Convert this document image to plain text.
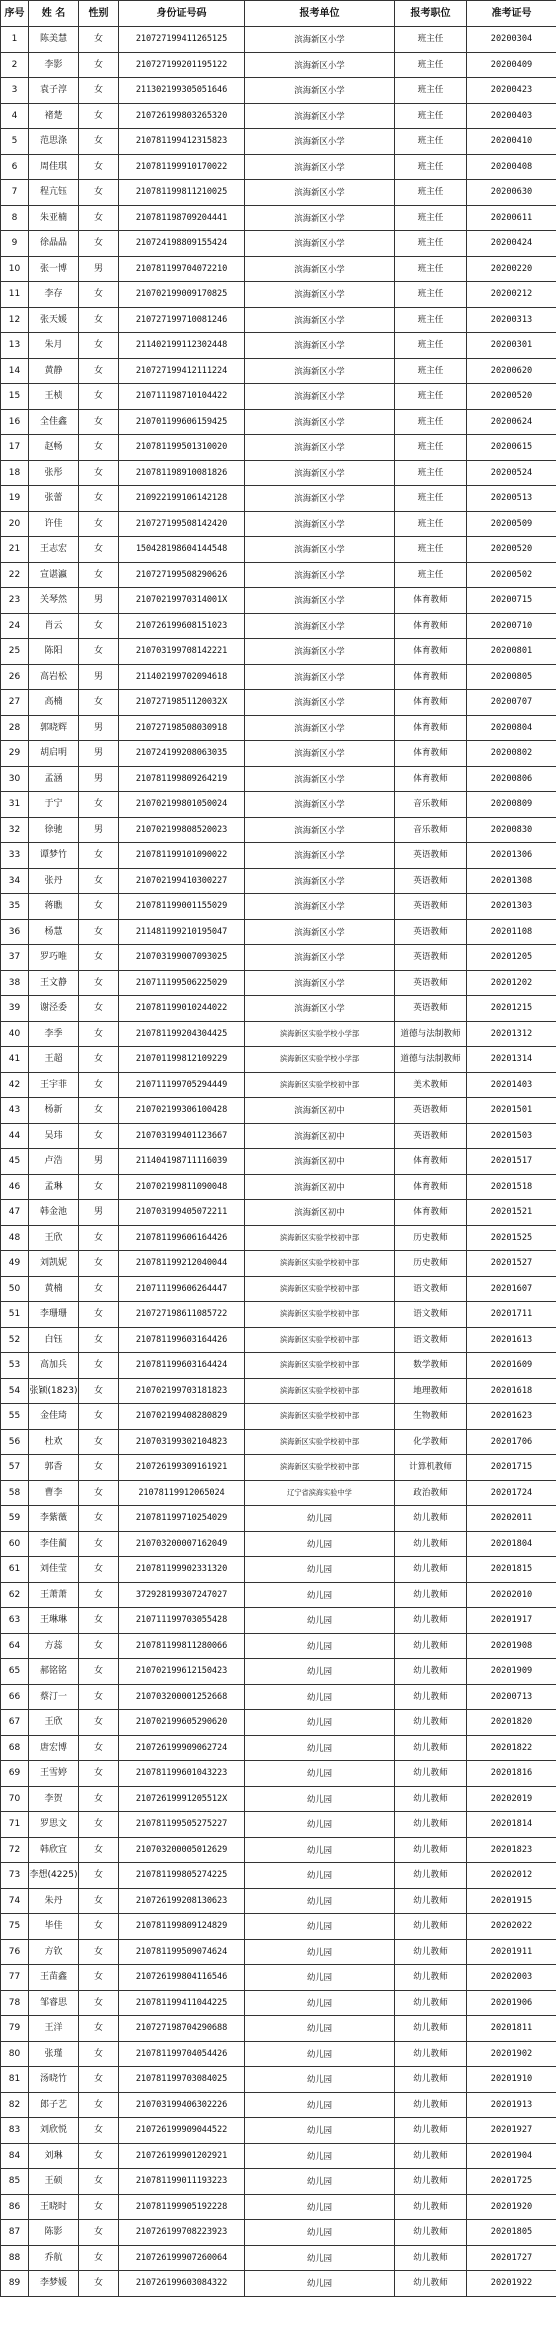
序号	姓 名	性别	身份证号码	报考单位	报考职位	准考证号
1	陈美慧	女	210727199411265125	滨海新区小学	班主任	20200304
2	李影	女	210727199201195122	滨海新区小学	班主任	20200409
3	袁子淳	女	211302199305051646	滨海新区小学	班主任	20200423
4	褚楚	女	210726199803265320	滨海新区小学	班主任	20200403
5	范思涤	女	210781199412315823	滨海新区小学	班主任	20200410
6	周佳琪	女	210781199910170022	滨海新区小学	班主任	20200408
7	程亢钰	女	210781199811210025	滨海新区小学	班主任	20200630
8	朱亚楠	女	210781198709204441	滨海新区小学	班主任	20200611
9	徐晶晶	女	210724198809155424	滨海新区小学	班主任	20200424
10	张一博	男	210781199704072210	滨海新区小学	班主任	20200220
11	李存	女	210702199009170825	滨海新区小学	班主任	20200212
12	张天媛	女	210727199710081246	滨海新区小学	班主任	20200313
13	朱月	女	211402199112302448	滨海新区小学	班主任	20200301
14	黄静	女	210727199412111224	滨海新区小学	班主任	20200620
15	王桢	女	210711198710104422	滨海新区小学	班主任	20200520
16	全佳鑫	女	210701199606159425	滨海新区小学	班主任	20200624
17	赵畅	女	210781199501310020	滨海新区小学	班主任	20200615
18	张彤	女	210781198910081826	滨海新区小学	班主任	20200524
19	张蕾	女	210922199106142128	滨海新区小学	班主任	20200513
20	许佳	女	210727199508142420	滨海新区小学	班主任	20200509
21	王志宏	女	150428198604144548	滨海新区小学	班主任	20200520
22	宣谌瀛	女	210727199508290626	滨海新区小学	班主任	20200502
23	关琴然	男	21070219970314001X	滨海新区小学	体育教师	20200715
24	肖云	女	210726199608151023	滨海新区小学	体育教师	20200710
25	陈阳	女	210703199708142221	滨海新区小学	体育教师	20200801
26	高岩松	男	211402199702094618	滨海新区小学	体育教师	20200805
27	高楠	女	21072719851120032X	滨海新区小学	体育教师	20200707
28	郭晓辉	男	210727198508030918	滨海新区小学	体育教师	20200804
29	胡启明	男	210724199208063035	滨海新区小学	体育教师	20200802
30	孟涵	男	210781199809264219	滨海新区小学	体育教师	20200806
31	于宁	女	210702199801050024	滨海新区小学	音乐教师	20200809
32	徐驰	男	210702199808520023	滨海新区小学	音乐教师	20200830
33	谭梦竹	女	210781199101090022	滨海新区小学	英语教师	20201306
34	张丹	女	210702199410300227	滨海新区小学	英语教师	20201308
35	蒋瞧	女	210781199001155029	滨海新区小学	英语教师	20201303
36	杨慧	女	211481199210195047	滨海新区小学	英语教师	20201108
37	罗巧唯	女	210703199007093025	滨海新区小学	英语教师	20201205
38	王文静	女	210711199506225029	滨海新区小学	英语教师	20201202
39	谢泾委	女	210781199010244022	滨海新区小学	英语教师	20201215
40	李季	女	210781199204304425	滨海新区实验学校小学部	道德与法制教师	20201312
41	王超	女	210701199812109229	滨海新区实验学校小学部	道德与法制教师	20201314
42	王宇菲	女	210711199705294449	滨海新区实验学校初中部	美术教师	20201403
43	杨新	女	210702199306100428	滨海新区初中	英语教师	20201501
44	吴玮	女	210703199401123667	滨海新区初中	英语教师	20201503
45	卢浩	男	211404198711116039	滨海新区初中	体育教师	20201517
46	孟琳	女	210702199811090048	滨海新区初中	体育教师	20201518
47	韩金池	男	210703199405072211	滨海新区初中	体育教师	20201521
48	王欣	女	210781199606164426	滨海新区实验学校初中部	历史教师	20201525
49	刘凯妮	女	210781199212040044	滨海新区实验学校初中部	历史教师	20201527
50	黄楠	女	210711199606264447	滨海新区实验学校初中部	语文教师	20201607
51	李珊珊	女	210727198611085722	滨海新区实验学校初中部	语文教师	20201711
52	白钰	女	210781199603164426	滨海新区实验学校初中部	语文教师	20201613
53	高加兵	女	210781199603164424	滨海新区实验学校初中部	数学教师	20201609
54	张颖(1823)	女	210702199703181823	滨海新区实验学校初中部	地理教师	20201618
55	金佳琦	女	210702199408280829	滨海新区实验学校初中部	生物教师	20201623
56	杜欢	女	210703199302104823	滨海新区实验学校初中部	化学教师	20201706
57	郭香	女	210726199309161921	滨海新区实验学校初中部	计算机教师	20201715
58	曹李	女	21078119912065024	辽宁省滨海实验中学	政治教师	20201724
59	李紫薇	女	210781199710254029	幼儿园	幼儿教师	20202011
60	李佳蔺	女	210703200007162049	幼儿园	幼儿教师	20201804
61	刘佳莹	女	210781199902331320	幼儿园	幼儿教师	20201815
62	王萧萧	女	372928199307247027	幼儿园	幼儿教师	20202010
63	王琳琳	女	210711199703055428	幼儿园	幼儿教师	20201917
64	方蕊	女	210781199811280066	幼儿园	幼儿教师	20201908
65	郝铭铭	女	210702199612150423	幼儿园	幼儿教师	20201909
66	蔡汀一	女	210703200001252668	幼儿园	幼儿教师	20200713
67	王欣	女	210702199605290620	幼儿园	幼儿教师	20201820
68	唐宏博	女	210726199909062724	幼儿园	幼儿教师	20201822
69	王雪婷	女	210781199601043223	幼儿园	幼儿教师	20201816
70	李贺	女	21072619991205512X	幼儿园	幼儿教师	20202019
71	罗思文	女	210781199505275227	幼儿园	幼儿教师	20201814
72	韩欣宜	女	210703200005012629	幼儿园	幼儿教师	20201823
73	李想(4225)	女	210781199805274225	幼儿园	幼儿教师	20202012
74	朱丹	女	210726199208130623	幼儿园	幼儿教师	20201915
75	毕佳	女	210781199809124829	幼儿园	幼儿教师	20202022
76	方钦	女	210781199509074624	幼儿园	幼儿教师	20201911
77	王苗鑫	女	210726199804116546	幼儿园	幼儿教师	20202003
78	邹睿思	女	210781199411044225	幼儿园	幼儿教师	20201906
79	王洋	女	210727198704290688	幼儿园	幼儿教师	20201811
80	张瑾	女	210781199704054426	幼儿园	幼儿教师	20201902
81	汤晓竹	女	210781199703084025	幼儿园	幼儿教师	20201910
82	郎子艺	女	210703199406302226	幼儿园	幼儿教师	20201913
83	刘欣悦	女	210726199909044522	幼儿园	幼儿教师	20201927
84	刘琳	女	210726199901202921	幼儿园	幼儿教师	20201904
85	王硕	女	210781199011193223	幼儿园	幼儿教师	20201725
86	王晓时	女	210781199905192228	幼儿园	幼儿教师	20201920
87	陈影	女	210726199708223923	幼儿园	幼儿教师	20201805
88	乔航	女	210726199907260064	幼儿园	幼儿教师	20201727
89	李梦媛	女	210726199603084322	幼儿园	幼儿教师	20201922
